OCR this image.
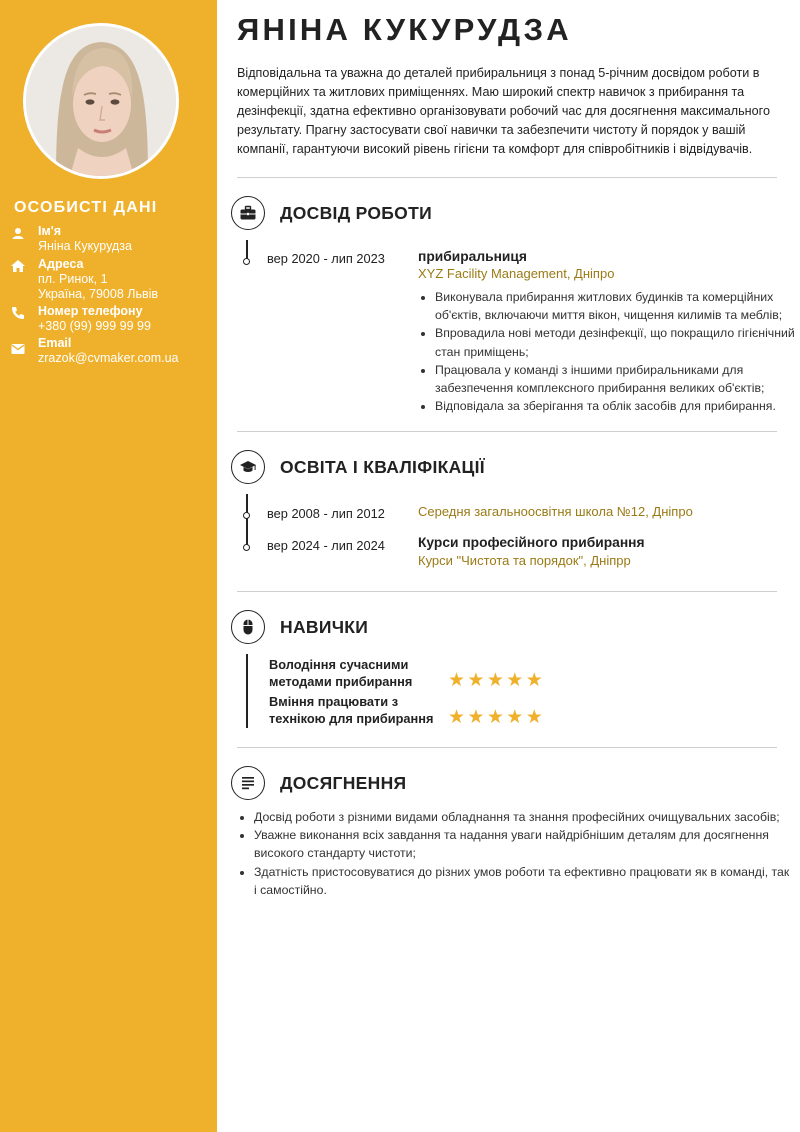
ОСОБИСТІ ДАНІ
Ім'я
Яніна Кукурудза
Адреса
пл. Ринок, 1
Україна, 79008 Львів
Номер телефону
+380 (99) 999 99 99
Email
zrazok@cvmaker.com.ua
ЯНІНА КУКУРУДЗА
Відповідальна та уважна до деталей прибиральниця з понад 5-річним досвідом роботи в комерційних та житлових приміщеннях. Маю широкий спектр навичок з прибирання та дезінфекції, здатна ефективно організовувати робочий час для досягнення максимального результату. Прагну застосувати свої навички та забезпечити чистоту й порядок у вашій компанії, гарантуючи високий рівень гігієни та комфорт для співробітників і відвідувачів.
ДОСВІД РОБОТИ
вер 2020 - лип 2023 прибиральниця
XYZ Facility Management, Дніпро
• Виконувала прибирання житлових будинків та комерційних об'єктів, включаючи миття вікон, чищення килимів та меблів;
• Впровадила нові методи дезінфекції, що покращило гігієнічний стан приміщень;
• Працювала у команді з іншими прибиральниками для забезпечення комплексного прибирання великих об'єктів;
• Відповідала за зберігання та облік засобів для прибирання.
ОСВІТА І КВАЛІФІКАЦІЇ
вер 2008 - лип 2012	Середня загальноосвітня школа №12, Дніпро
вер 2024 - лип 2024 Курси професійного прибирання
Курси "Чистота та порядок", Дніпрр
НАВИЧКИ
Володіння сучасними
методами прибирання ★★★★★
Вміння працювати з
технікою для прибирання ★★★★★
ДОСЯГНЕННЯ
• Досвід роботи з різними видами обладнання та знання професійних очищувальних засобів;
• Уважне виконання всіх завдання та надання уваги найдрібнішим деталям для досягнення високого стандарту чистоти;
• Здатність пристосовуватися до різних умов роботи та ефективно працювати як в команді, так і самостійно.
